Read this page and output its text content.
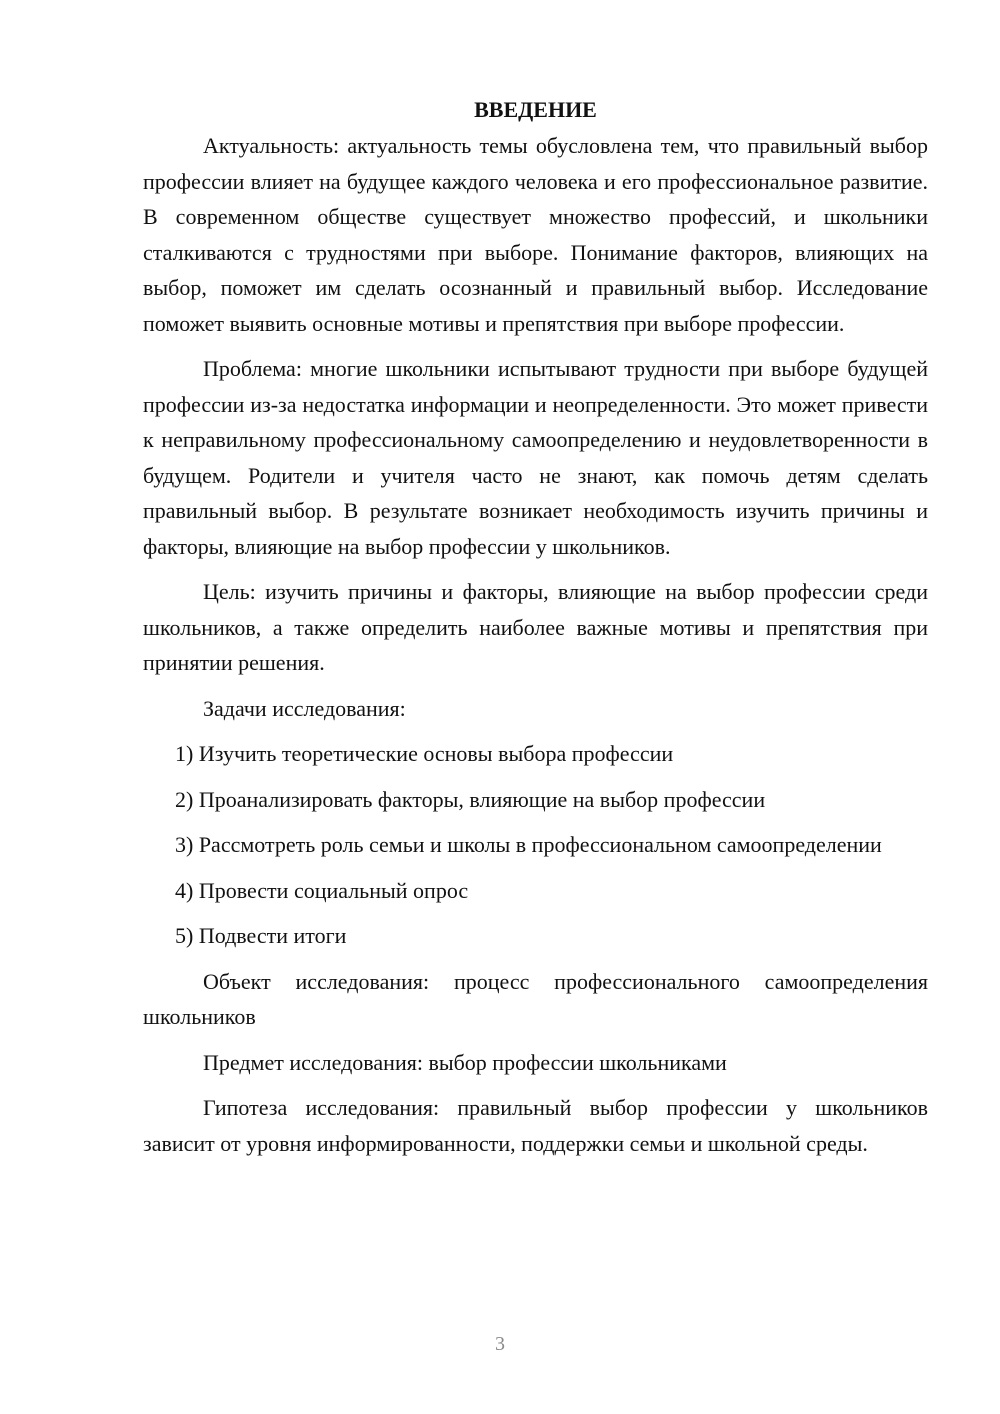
ВВЕДЕНИЕ

Актуальность: актуальность темы обусловлена тем, что правильный выбор профессии влияет на будущее каждого человека и его профессиональное развитие. В современном обществе существует множество профессий, и школьники сталкиваются с трудностями при выборе. Понимание факторов, влияющих на выбор, поможет им сделать осознанный и правильный выбор. Исследование поможет выявить основные мотивы и препятствия при выборе профессии.

Проблема: многие школьники испытывают трудности при выборе будущей профессии из-за недостатка информации и неопределенности. Это может привести к неправильному профессиональному самоопределению и неудовлетворенности в будущем. Родители и учителя часто не знают, как помочь детям сделать правильный выбор. В результате возникает необходимость изучить причины и факторы, влияющие на выбор профессии у школьников.

Цель: изучить причины и факторы, влияющие на выбор профессии среди школьников, а также определить наиболее важные мотивы и препятствия при принятии решения.

Задачи исследования:

1) Изучить теоретические основы выбора профессии

2) Проанализировать факторы, влияющие на выбор профессии

3) Рассмотреть роль семьи и школы в профессиональном самоопределении

4) Провести социальный опрос

5) Подвести итоги

Объект исследования: процесс профессионального самоопределения школьников

Предмет исследования: выбор профессии школьниками

Гипотеза исследования: правильный выбор профессии у школьников зависит от уровня информированности, поддержки семьи и школьной среды.

3
